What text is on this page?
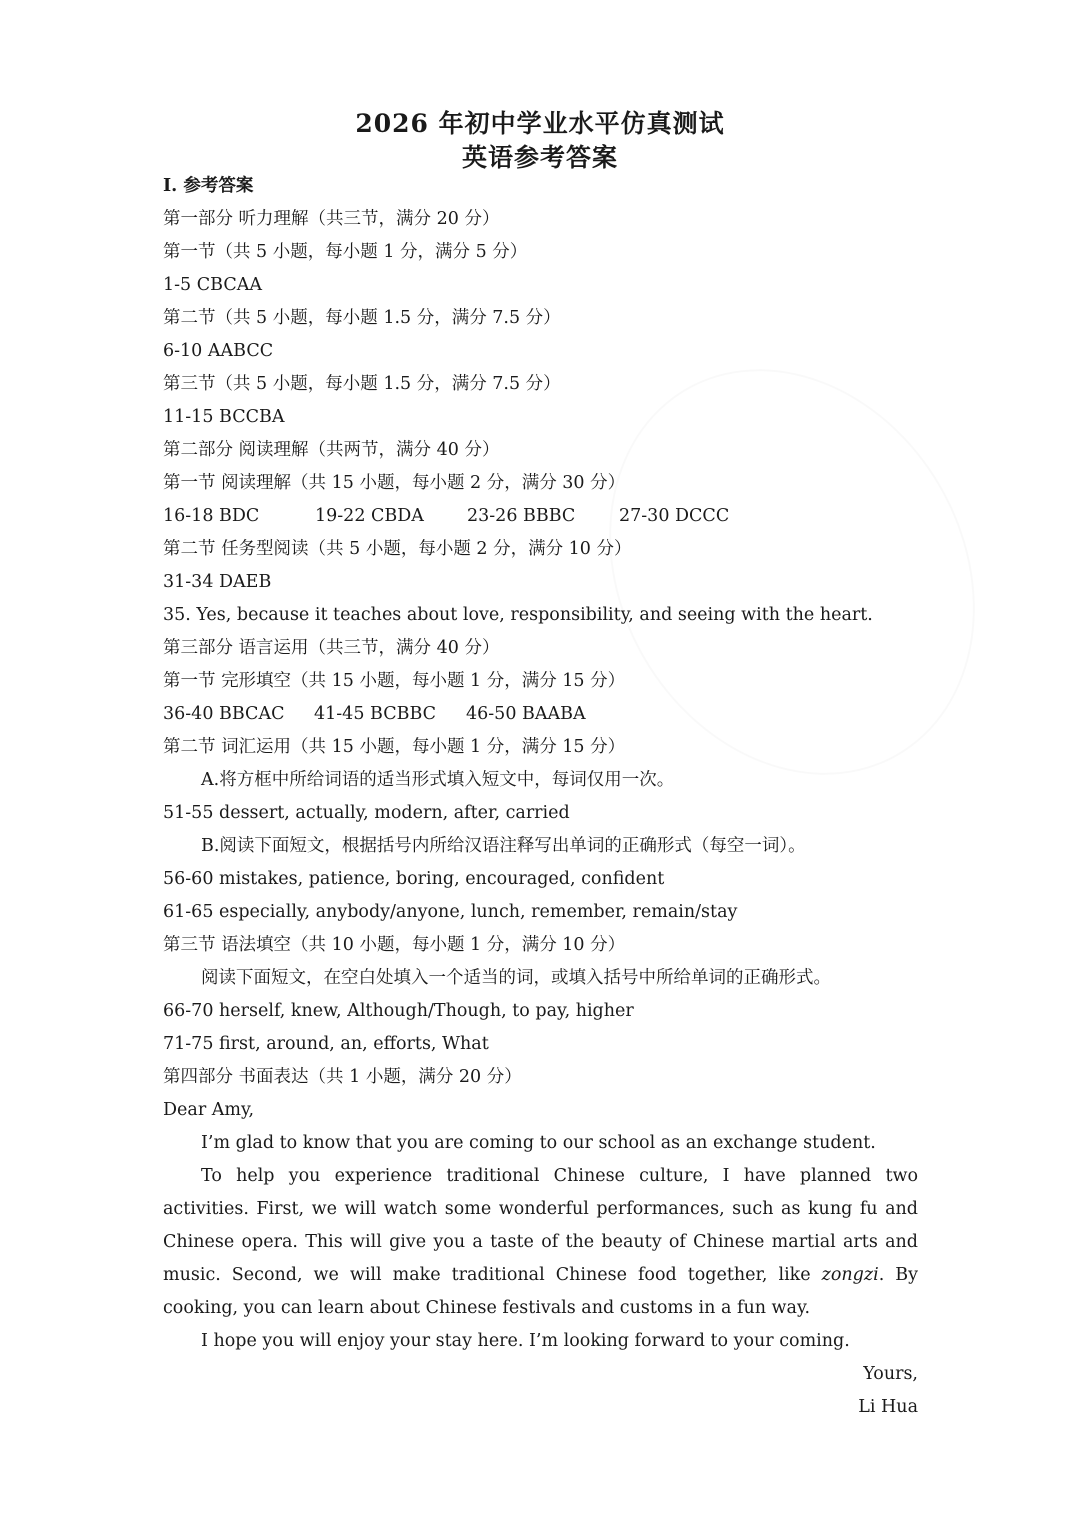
2026 年初中学业水平仿真测试
英语参考答案
I. 参考答案
第一部分 听力理解（共三节，满分 20 分）
第一节（共 5 小题，每小题 1 分，满分 5 分）
1-5 CBCAA
第二节（共 5 小题，每小题 1.5 分，满分 7.5 分）
6-10 AABCC
第三节（共 5 小题，每小题 1.5 分，满分 7.5 分）
11-15 BCCBA
第二部分 阅读理解（共两节，满分 40 分）
第一节 阅读理解（共 15 小题，每小题 2 分，满分 30 分）
16-18 BDC	19-22 CBDA 23-26 BBBC 27-30 DCCC
第二节 任务型阅读（共 5 小题，每小题 2 分，满分 10 分）
31-34 DAEB
35. Yes, because it teaches about love, responsibility, and seeing with the heart.
第三部分 语言运用（共三节，满分 40 分）
第一节 完形填空（共 15 小题，每小题 1 分，满分 15 分）
36-40 BBCAC 41-45 BCBBC 46-50 BAABA
第二节 词汇运用（共 15 小题，每小题 1 分，满分 15 分）
A.将方框中所给词语的适当形式填入短文中，每词仅用一次。
51-55 dessert, actually, modern, after, carried
B.阅读下面短文，根据括号内所给汉语注释写出单词的正确形式（每空一词）。
56-60 mistakes, patience, boring, encouraged, confident
61-65 especially, anybody/anyone, lunch, remember, remain/stay
第三节 语法填空（共 10 小题，每小题 1 分，满分 10 分）
阅读下面短文，在空白处填入一个适当的词，或填入括号中所给单词的正确形式。
66-70 herself, knew, Although/Though, to pay, higher
71-75 first, around, an, efforts, What
第四部分 书面表达（共 1 小题，满分 20 分）
Dear Amy,

I’m glad to know that you are coming to our school as an exchange student.

To help you experience traditional Chinese culture, I have planned two activities. First, we will watch some wonderful performances, such as kung fu and Chinese opera. This will give you a taste of the beauty of Chinese martial arts and music. Second, we will make traditional Chinese food together, like zongzi. By cooking, you can learn about Chinese festivals and customs in a fun way.

I hope you will enjoy your stay here. I’m looking forward to your coming.

Yours,
Li Hua
